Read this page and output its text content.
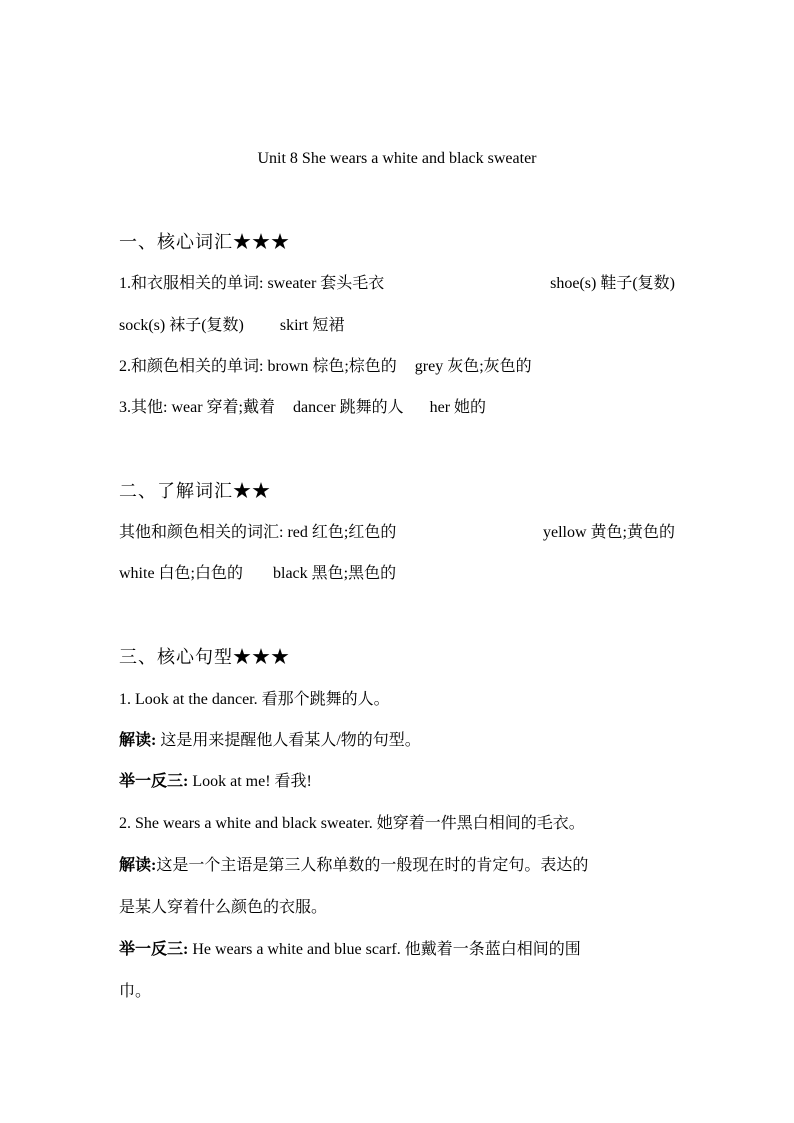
Unit 8 She wears a white and black sweater
一、核心词汇★★★
1.和衣服相关的单词: sweater 套头毛衣	shoe(s) 鞋子(复数)
sock(s) 袜子(复数) skirt 短裙
2.和颜色相关的单词: brown 棕色;棕色的 grey 灰色;灰色的
3.其他: wear 穿着;戴着 dancer 跳舞的人 her 她的
二、了解词汇★★
其他和颜色相关的词汇: red 红色;红色的	yellow 黄色;黄色的
white 白色;白色的 black 黑色;黑色的
三、核心句型★★★
1. Look at the dancer. 看那个跳舞的人。
解读: 这是用来提醒他人看某人/物的句型。
举一反三: Look at me! 看我!
2. She wears a white and black sweater. 她穿着一件黑白相间的毛衣。
解读:这是一个主语是第三人称单数的一般现在时的肯定句。表达的
是某人穿着什么颜色的衣服。
举一反三: He wears a white and blue scarf. 他戴着一条蓝白相间的围
巾。
